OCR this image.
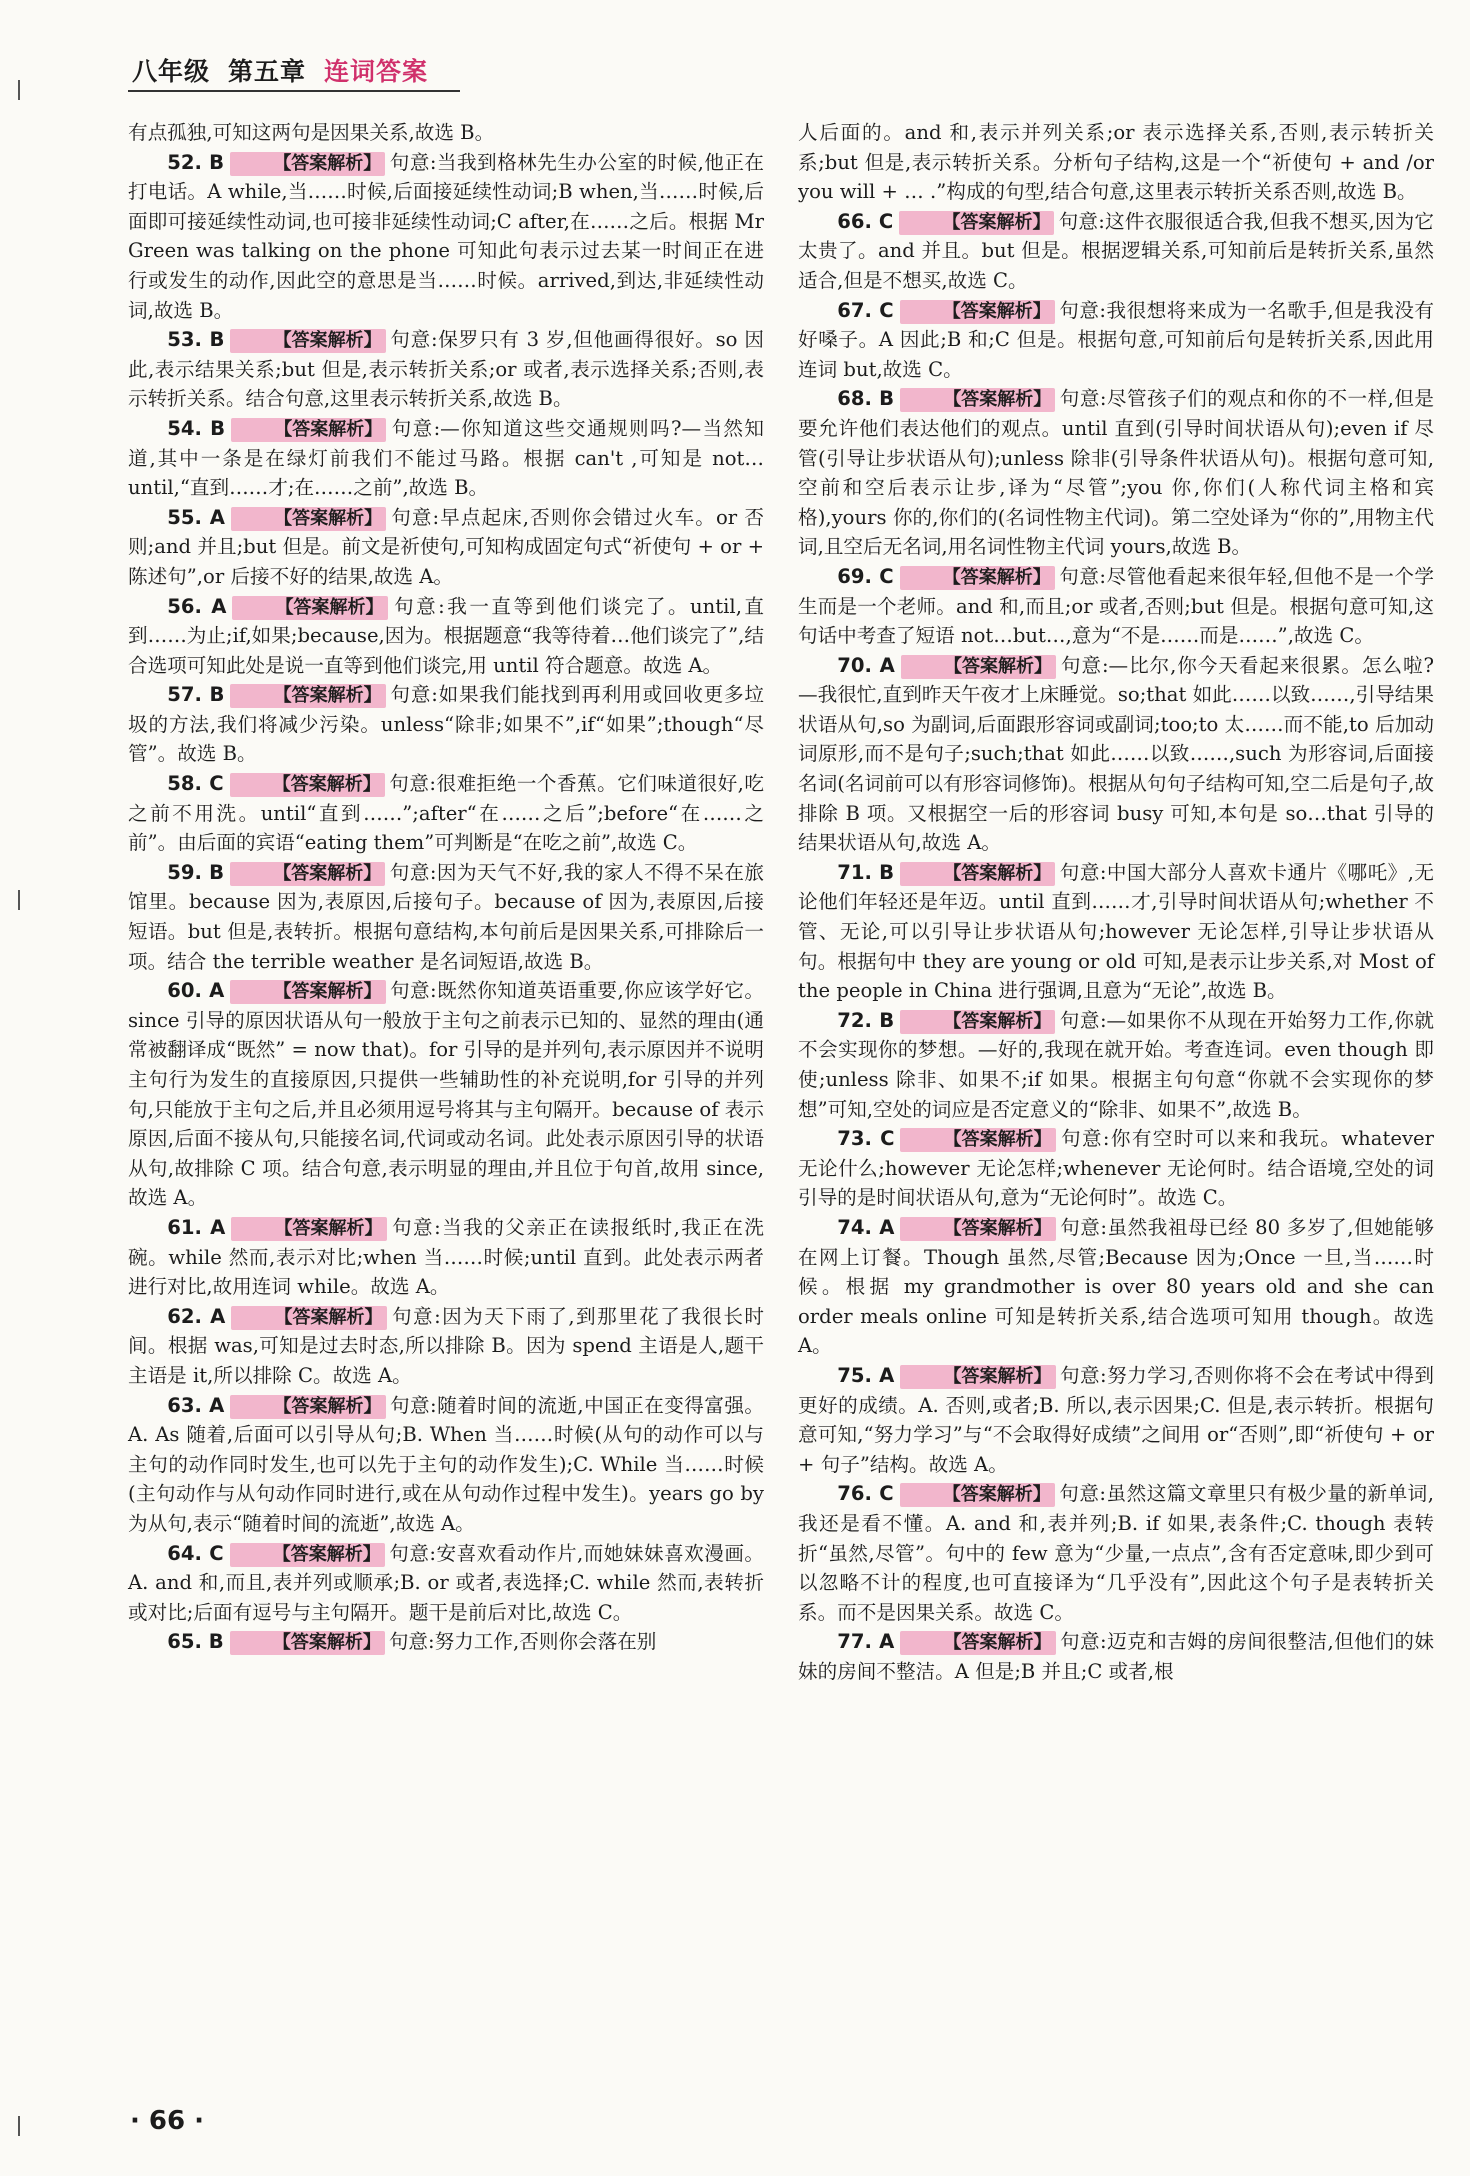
八年级 第五章 连词答案

有点孤独,可知这两句是因果关系,故选 B。

52. B	【答案解析】 句意:当我到格林先生办公室的时候,他正在打电话。A while,当……时候,后面接延续性动词;B when,当……时候,后面即可接延续性动词,也可接非延续性动词;C after,在……之后。根据 Mr Green was talking on the phone 可知此句表示过去某一时间正在进行或发生的动作,因此空的意思是当……时候。arrived,到达,非延续性动词,故选 B。

53. B	【答案解析】 句意:保罗只有 3 岁,但他画得很好。so 因此,表示结果关系;but 但是,表示转折关系;or 或者,表示选择关系;否则,表示转折关系。结合句意,这里表示转折关系,故选 B。

54. B	【答案解析】 句意:—你知道这些交通规则吗?—当然知道,其中一条是在绿灯前我们不能过马路。根据 can't ,可知是 not…until,“直到……才;在……之前”,故选 B。

55. A	【答案解析】 句意:早点起床,否则你会错过火车。or 否则;and 并且;but 但是。前文是祈使句,可知构成固定句式“祈使句 + or + 陈述句”,or 后接不好的结果,故选 A。

56. A	【答案解析】 句意:我一直等到他们谈完了。until,直到……为止;if,如果;because,因为。根据题意“我等待着…他们谈完了”,结合选项可知此处是说一直等到他们谈完,用 until 符合题意。故选 A。

57. B	【答案解析】 句意:如果我们能找到再利用或回收更多垃圾的方法,我们将减少污染。unless“除非;如果不”,if“如果”;though“尽管”。故选 B。

58. C	【答案解析】 句意:很难拒绝一个香蕉。它们味道很好,吃之前不用洗。until“直到……”;after“在……之后”;before“在……之前”。由后面的宾语“eating them”可判断是“在吃之前”,故选 C。

59. B	【答案解析】 句意:因为天气不好,我的家人不得不呆在旅馆里。because 因为,表原因,后接句子。because of 因为,表原因,后接短语。but 但是,表转折。根据句意结构,本句前后是因果关系,可排除后一项。结合 the terrible weather 是名词短语,故选 B。

60. A	【答案解析】 句意:既然你知道英语重要,你应该学好它。since 引导的原因状语从句一般放于主句之前表示已知的、显然的理由(通常被翻译成“既然” = now that)。for 引导的是并列句,表示原因并不说明主句行为发生的直接原因,只提供一些辅助性的补充说明,for 引导的并列句,只能放于主句之后,并且必须用逗号将其与主句隔开。because of 表示原因,后面不接从句,只能接名词,代词或动名词。此处表示原因引导的状语从句,故排除 C 项。结合句意,表示明显的理由,并且位于句首,故用 since,故选 A。

61. A	【答案解析】 句意:当我的父亲正在读报纸时,我正在洗碗。while 然而,表示对比;when 当……时候;until 直到。此处表示两者进行对比,故用连词 while。故选 A。

62. A	【答案解析】 句意:因为天下雨了,到那里花了我很长时间。根据 was,可知是过去时态,所以排除 B。因为 spend 主语是人,题干主语是 it,所以排除 C。故选 A。

63. A	【答案解析】 句意:随着时间的流逝,中国正在变得富强。A. As 随着,后面可以引导从句;B. When 当……时候(从句的动作可以与主句的动作同时发生,也可以先于主句的动作发生);C. While 当……时候(主句动作与从句动作同时进行,或在从句动作过程中发生)。years go by 为从句,表示“随着时间的流逝”,故选 A。

64. C	【答案解析】 句意:安喜欢看动作片,而她妹妹喜欢漫画。A. and 和,而且,表并列或顺承;B. or 或者,表选择;C. while 然而,表转折或对比;后面有逗号与主句隔开。题干是前后对比,故选 C。

65. B	【答案解析】 句意:努力工作,否则你会落在别

人后面的。and 和,表示并列关系;or 表示选择关系,否则,表示转折关系;but 但是,表示转折关系。分析句子结构,这是一个“祈使句 + and /or you will + … .”构成的句型,结合句意,这里表示转折关系否则,故选 B。

66. C	【答案解析】 句意:这件衣服很适合我,但我不想买,因为它太贵了。and 并且。but 但是。根据逻辑关系,可知前后是转折关系,虽然适合,但是不想买,故选 C。

67. C	【答案解析】 句意:我很想将来成为一名歌手,但是我没有好嗓子。A 因此;B 和;C 但是。根据句意,可知前后句是转折关系,因此用连词 but,故选 C。

68. B	【答案解析】 句意:尽管孩子们的观点和你的不一样,但是要允许他们表达他们的观点。until 直到(引导时间状语从句);even if 尽管(引导让步状语从句);unless 除非(引导条件状语从句)。根据句意可知,空前和空后表示让步,译为“尽管”;you 你,你们(人称代词主格和宾格),yours 你的,你们的(名词性物主代词)。第二空处译为“你的”,用物主代词,且空后无名词,用名词性物主代词 yours,故选 B。

69. C	【答案解析】 句意:尽管他看起来很年轻,但他不是一个学生而是一个老师。and 和,而且;or 或者,否则;but 但是。根据句意可知,这句话中考查了短语 not…but…,意为“不是……而是……”,故选 C。

70. A	【答案解析】 句意:—比尔,你今天看起来很累。怎么啦?—我很忙,直到昨天午夜才上床睡觉。so;that 如此……以致……,引导结果状语从句,so 为副词,后面跟形容词或副词;too;to 太……而不能,to 后加动词原形,而不是句子;such;that 如此……以致……,such 为形容词,后面接名词(名词前可以有形容词修饰)。根据从句句子结构可知,空二后是句子,故排除 B 项。又根据空一后的形容词 busy 可知,本句是 so…that 引导的结果状语从句,故选 A。

71. B	【答案解析】 句意:中国大部分人喜欢卡通片《哪吒》,无论他们年轻还是年迈。until 直到……才,引导时间状语从句;whether 不管、无论,可以引导让步状语从句;however 无论怎样,引导让步状语从句。根据句中 they are young or old 可知,是表示让步关系,对 Most of the people in China 进行强调,且意为“无论”,故选 B。

72. B	【答案解析】 句意:—如果你不从现在开始努力工作,你就不会实现你的梦想。—好的,我现在就开始。考查连词。even though 即使;unless 除非、如果不;if 如果。根据主句句意“你就不会实现你的梦想”可知,空处的词应是否定意义的“除非、如果不”,故选 B。

73. C	【答案解析】 句意:你有空时可以来和我玩。whatever 无论什么;however 无论怎样;whenever 无论何时。结合语境,空处的词引导的是时间状语从句,意为“无论何时”。故选 C。

74. A	【答案解析】 句意:虽然我祖母已经 80 多岁了,但她能够在网上订餐。Though 虽然,尽管;Because 因为;Once 一旦,当……时候。根据 my grandmother is over 80 years old and she can order meals online 可知是转折关系,结合选项可知用 though。故选 A。

75. A	【答案解析】 句意:努力学习,否则你将不会在考试中得到更好的成绩。A. 否则,或者;B. 所以,表示因果;C. 但是,表示转折。根据句意可知,“努力学习”与“不会取得好成绩”之间用 or“否则”,即“祈使句 + or + 句子”结构。故选 A。

76. C	【答案解析】 句意:虽然这篇文章里只有极少量的新单词,我还是看不懂。A. and 和,表并列;B. if 如果,表条件;C. though 表转折“虽然,尽管”。句中的 few 意为“少量,一点点”,含有否定意味,即少到可以忽略不计的程度,也可直接译为“几乎没有”,因此这个句子是表转折关系。而不是因果关系。故选 C。

77. A	【答案解析】 句意:迈克和吉姆的房间很整洁,但他们的妹妹的房间不整洁。A 但是;B 并且;C 或者,根

· 66 ·
